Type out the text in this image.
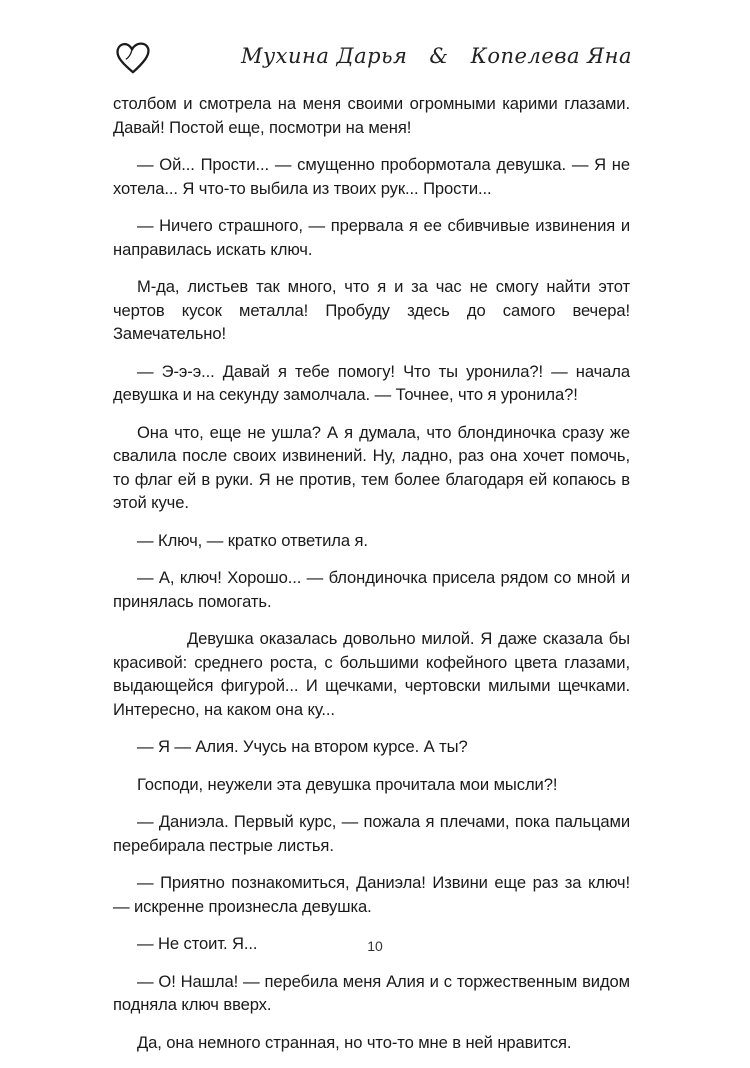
Мухина Дарья & Копелева Яна

столбом и смотрела на меня своими огромными карими глазами. Давай! Постой еще, посмотри на меня!

— Ой... Прости... — смущенно пробормотала девушка. — Я не хотела... Я что-то выбила из твоих рук... Прости...

— Ничего страшного, — прервала я ее сбивчивые извинения и направилась искать ключ.

М-да, листьев так много, что я и за час не смогу найти этот чертов кусок металла! Пробуду здесь до самого вечера! Замечательно!

— Э-э-э... Давай я тебе помогу! Что ты уронила?! — начала девушка и на секунду замолчала. — Точнее, что я уронила?!

Она что, еще не ушла? А я думала, что блондиночка сразу же свалила после своих извинений. Ну, ладно, раз она хочет помочь, то флаг ей в руки. Я не против, тем более благодаря ей копаюсь в этой куче.

— Ключ, — кратко ответила я.

— А, ключ! Хорошо... — блондиночка присела рядом со мной и принялась помогать.

Девушка оказалась довольно милой. Я даже сказала бы красивой: среднего роста, с большими кофейного цвета глазами, выдающейся фигурой... И щечками, чертовски милыми щечками. Интересно, на каком она ку...

— Я — Алия. Учусь на втором курсе. А ты?

Господи, неужели эта девушка прочитала мои мысли?!

— Даниэла. Первый курс, — пожала я плечами, пока пальцами перебирала пестрые листья.

— Приятно познакомиться, Даниэла! Извини еще раз за ключ! — искренне произнесла девушка.

— Не стоит. Я...

— О! Нашла! — перебила меня Алия и с торжественным видом подняла ключ вверх.

Да, она немного странная, но что-то мне в ней нравится.

10
